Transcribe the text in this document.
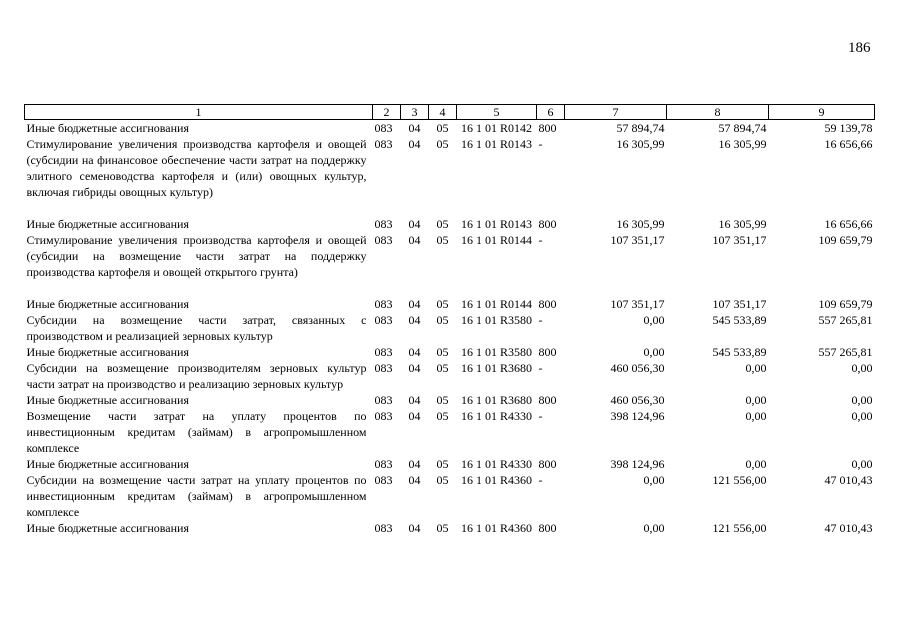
186
1	2	3	4	5	6	7	8	9
Иные бюджетные ассигнования	083	04	05	16 1 01 R0142	800	57 894,74	57 894,74	59 139,78
Стимулирование увеличения производства картофеля и овощей (субсидии на финансовое обеспечение части затрат на поддержку элитного семеноводства картофеля и (или) овощных культур, включая гибриды овощных культур)	083	04	05	16 1 01 R0143	-	16 305,99	16 305,99	16 656,66

Иные бюджетные ассигнования	083	04	05	16 1 01 R0143	800	16 305,99	16 305,99	16 656,66
Стимулирование увеличения производства картофеля и овощей (субсидии на возмещение части затрат на поддержку производства картофеля и овощей открытого грунта)	083	04	05	16 1 01 R0144	-	107 351,17	107 351,17	109 659,79

Иные бюджетные ассигнования	083	04	05	16 1 01 R0144	800	107 351,17	107 351,17	109 659,79
Субсидии на возмещение части затрат, связанных с производством и реализацией зерновых культур	083	04	05	16 1 01 R3580	-	0,00	545 533,89	557 265,81
Иные бюджетные ассигнования	083	04	05	16 1 01 R3580	800	0,00	545 533,89	557 265,81
Субсидии на возмещение производителям зерновых культур части затрат на производство и реализацию зерновых культур	083	04	05	16 1 01 R3680	-	460 056,30	0,00	0,00
Иные бюджетные ассигнования	083	04	05	16 1 01 R3680	800	460 056,30	0,00	0,00
Возмещение части затрат на уплату процентов по инвестиционным кредитам (займам) в агропромышленном комплексе	083	04	05	16 1 01 R4330	-	398 124,96	0,00	0,00
Иные бюджетные ассигнования	083	04	05	16 1 01 R4330	800	398 124,96	0,00	0,00
Субсидии на возмещение части затрат на уплату процентов по инвестиционным кредитам (займам) в агропромышленном комплексе	083	04	05	16 1 01 R4360	-	0,00	121 556,00	47 010,43
Иные бюджетные ассигнования	083	04	05	16 1 01 R4360	800	0,00	121 556,00	47 010,43
